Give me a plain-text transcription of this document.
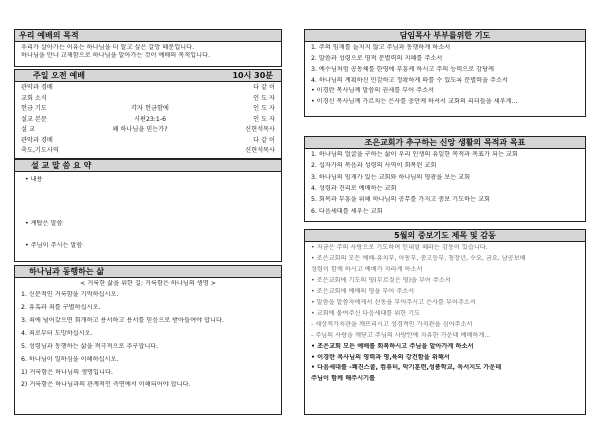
우리 예배의 목적
우리가 살아가는 이유는 하나님을 더 알고 싶은 갈망 때문입니다.
하나님을 만나 교제함으로 하나님을 알아가는 것이 예배의 목적입니다.
주일 오전 예배	10시 30분
관악과 경배	다 같 이
교회 소식	인 도 자
헌금 기도	각자 헌금함에	인 도 자
설교 본문	시편23:1-6	인 도 자
설 교	왜 하나님을 믿는가?	신현석목사
관악과 경배	다 같 이
축도,기도사역	신현석목사
설 교 말 씀 요 약
• 내용
• 계탑은 말씀
• 주님이 주시는 말씀
하나님과 동행하는 삶
< 거룩한 삶을 위한 길: 거룩함은 하나님의 생명 >
1. 신분적인 거룩함을 기억하십시오.
2. 유혹과 죄를 구별하십시오.
3. 죄에 넘어갔으면 회개하고 용서하고 용서를 믿음으로 받아들여야 합니다.
4. 죄로부터 도망하십시오.
5. 성령님과 동행하는 삶을 적극적으로 추구합니다.
6. 하나님이 일하심을 이해하십시오.
1) 거룩함은 하나님의 생명입니다.
2) 거룩함은 하나님과의 관계적인 측면에서 이해되어야 합니다.
담임목사 부부를위한 기도
1. 주의 임재를 늘지지 않고 주님과 동행하게 하소서
2. 말씀과 성령으로 영적 분별력의 지혜를 주소서
3. 예수님처럼 공동체를 한영에 부흥케 하시고 주의 능력으로 감당케
4. 하나님의 계획하신 민감하고 정확하게 따를 수 있도록 분별력을 주소서
• 이경란 목사님께 말씀의 권세를 부어 주소서
• 이경신 목사님께 가르치는 은사를 충만케 하셔서 교회의 리더들을 세우게...
조은교회가 추구하는 신앙 생활의 목적과 목표
1. 하나님의 얼굴을 구하는 삶이 우리 인생의 유일한 목적과 목표가 되는 교회
2. 십자가의 복음과 성령의 사역이 회복된 교회
3. 하나님의 임재가 있는 교회와 하나님의 영광을 보는 교회
4. 성령과 진리로 예배하는 교회
5. 회복과 부흥을 위해 하나님의 공무를 가지고 중보 기도하는 교회
6. 다음세대를 세우는 교회
5월의 중보기도 제목 및 감동
• 지금은 주의 사랑으로 기도하며 인내할 때라는 감동이 있습니다.
• 조은교회의 모든 예배-유치부, 아동부, 중고등부, 청장년, 수요, 금요, 남공보배
성령이 함께 하시고 예배가 자라게 하소서
• 조은교회에 기도의 영(부르짖은 영)을 부어 주소서
• 조은교회에 예배의 영을 부어 주소서
• 말씀을 말씀자에게서 선동을 부어주시고 은사를 부어주소서
• 교회에 붙여주신 다음세대를 위한 기도
- 세상적가치관을 깨뜨리시고 성경적인 가치관을 심어주소서
- 주님의 사랑을 깨닫고 주님의 사랑안에 자유한 가운데 예배하게...
• 조은교회 모든 예배를 회복하시고 주님을 알아가게 하소서
• 이경란 목사님의 영력과 영,육의 강건함을 위해서
• 다음세대를 -쾌진스쿨, 컴퓨터, 악기훈련,성품학교, 독서지도 가운데
주님이 함께 해주시기를
